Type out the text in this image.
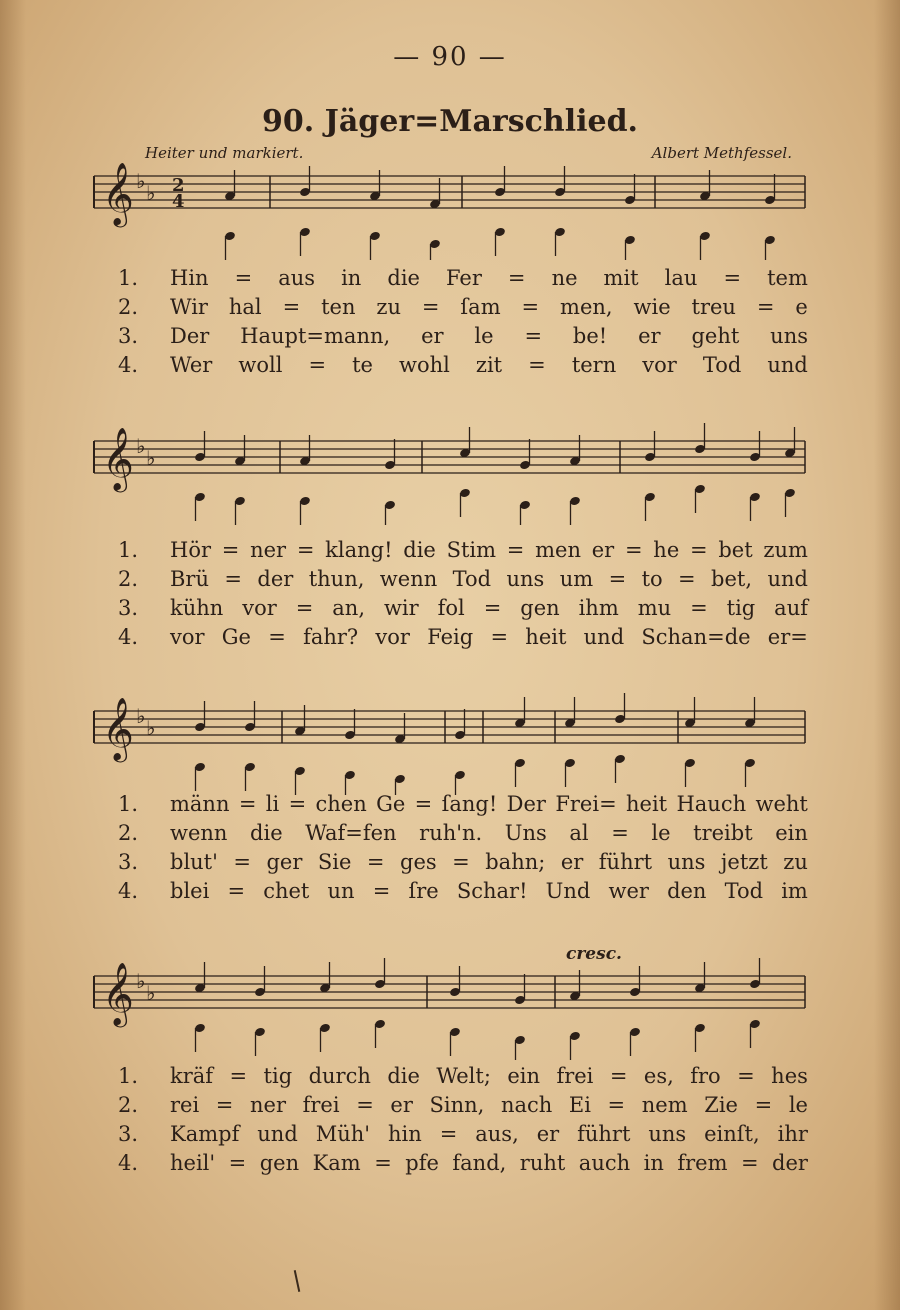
— 90 —
90. Jäger=Marschlied.
Heiter und markiert.	Albert Methfessel.
𝄞 ♭ ♭ 2
4
1.	Hin = aus in die Fer = ne mit lau = tem
2.	Wir hal = ten zu = ſam = men, wie treu = e
3.	Der Haupt=mann, er le = be! er geht uns
4.	Wer woll = te wohl zit = tern vor Tod und
𝄞 ♭ ♭
1.	Hör = ner = klang! die Stim = men er = he = bet zum
2.	Brü = der thun, wenn Tod uns um = to = bet, und
3.	kühn vor = an, wir fol = gen ihm mu = tig auf
4.	vor Ge = fahr? vor Feig = heit und Schan=de er=
𝄞 ♭ ♭
1.	männ = li = chen Ge = ſang! Der Frei= heit Hauch weht
2.	wenn die Waf=fen ruh'n. Uns al = le treibt ein
3.	blut' = ger Sie = ges = bahn; er führt uns jetzt zu
4.	blei = chet un = ſre Schar! Und wer den Tod im
cresc.
𝄞 ♭ ♭
1.	kräf = tig durch die Welt; ein frei = es, fro = hes
2.	rei = ner frei = er Sinn, nach Ei = nem Zie = le
3.	Kampf und Müh' hin = aus, er führt uns einſt, ihr
4.	heil' = gen Kam = pfe fand, ruht auch in frem = der
